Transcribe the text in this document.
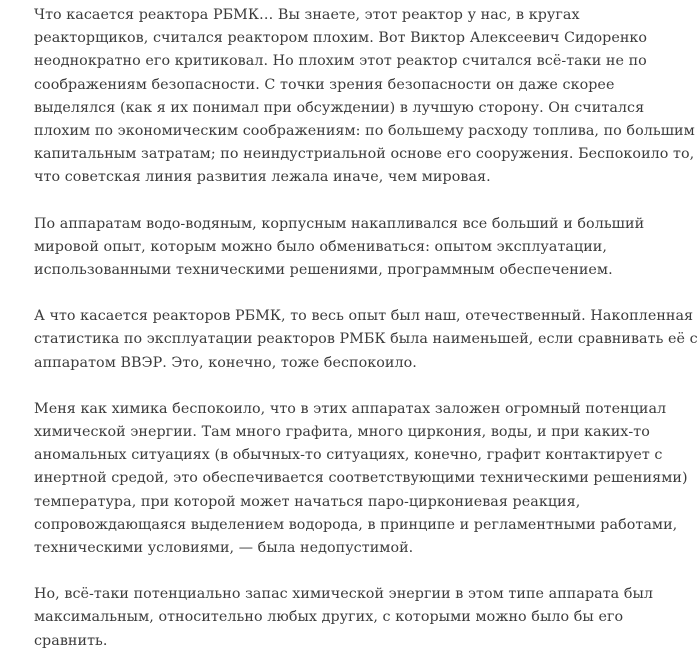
Что касается реактора РБМК… Вы знаете, этот реактор у нас, в кругах реакторщиков, считался реактором плохим. Вот Виктор Алексеевич Сидоренко неоднократно его критиковал. Но плохим этот реактор считался всё-таки не по соображениям безопасности. С точки зрения безопасности он даже скорее выделялся (как я их понимал при обсуждении) в лучшую сторону. Он считался плохим по экономическим соображениям: по большему расходу топлива, по большим капитальным затратам; по неиндустриальной основе его сооружения. Беспокоило то, что советская линия развития лежала иначе, чем мировая.

По аппаратам водо-водяным, корпусным накапливался все больший и больший мировой опыт, которым можно было обмениваться: опытом эксплуатации, использованными техническими решениями, программным обеспечением.

А что касается реакторов РБМК, то весь опыт был наш, отечественный. Накопленная статистика по эксплуатации реакторов РМБК была наименьшей, если сравнивать её с аппаратом ВВЭР. Это, конечно, тоже беспокоило.

Меня как химика беспокоило, что в этих аппаратах заложен огромный потенциал химической энергии. Там много графита, много циркония, воды, и при каких-то аномальных ситуациях (в обычных-то ситуациях, конечно, графит контактирует с инертной средой, это обеспечивается соответствующими техническими решениями) температура, при которой может начаться паро-циркониевая реакция, сопровождающаяся выделением водорода, в принципе и регламентными работами, техническими условиями, — была недопустимой.

Но, всё-таки потенциально запас химической энергии в этом типе аппарата был максимальным, относительно любых других, с которыми можно было бы его сравнить.
